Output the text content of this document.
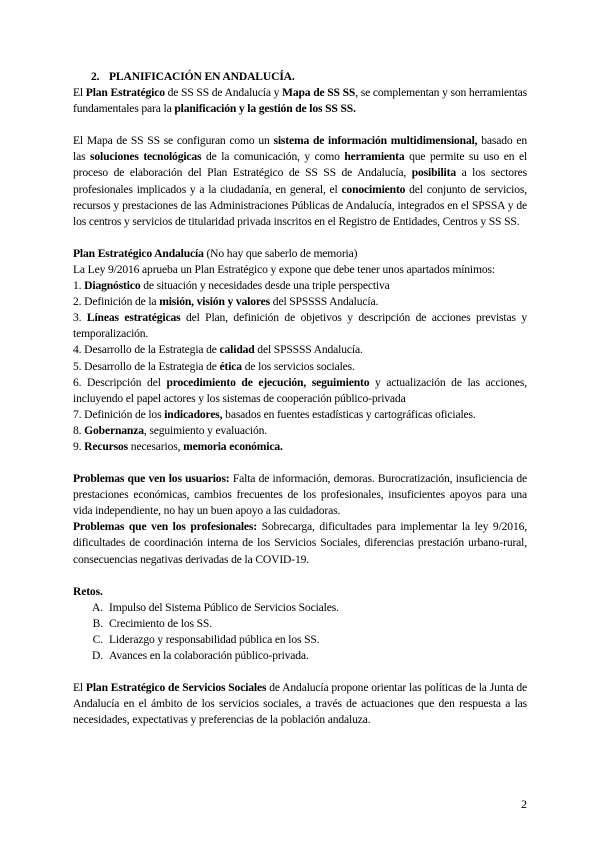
2. PLANIFICACIÓN EN ANDALUCÍA.

El Plan Estratégico de SS SS de Andalucía y Mapa de SS SS, se complementan y son herramientas fundamentales para la planificación y la gestión de los SS SS.

El Mapa de SS SS se configuran como un sistema de información multidimensional, basado en las soluciones tecnológicas de la comunicación, y como herramienta que permite su uso en el proceso de elaboración del Plan Estratégico de SS SS de Andalucía, posibilita a los sectores profesionales implicados y a la ciudadanía, en general, el conocimiento del conjunto de servicios, recursos y prestaciones de las Administraciones Públicas de Andalucía, integrados en el SPSSA y de los centros y servicios de titularidad privada inscritos en el Registro de Entidades, Centros y SS SS.

Plan Estratégico Andalucía (No hay que saberlo de memoria)

La Ley 9/2016 aprueba un Plan Estratégico y expone que debe tener unos apartados mínimos:

1. Diagnóstico de situación y necesidades desde una triple perspectiva

2. Definición de la misión, visión y valores del SPSSSS Andalucía.

3. Líneas estratégicas del Plan, definición de objetivos y descripción de acciones previstas y temporalización.

4. Desarrollo de la Estrategia de calidad del SPSSSS Andalucía.

5. Desarrollo de la Estrategia de ética de los servicios sociales.

6. Descripción del procedimiento de ejecución, seguimiento y actualización de las acciones, incluyendo el papel actores y los sistemas de cooperación público-privada

7. Definición de los indicadores, basados en fuentes estadísticas y cartográficas oficiales.

8. Gobernanza, seguimiento y evaluación.

9. Recursos necesarios, memoria económica.

Problemas que ven los usuarios: Falta de información, demoras. Burocratización, insuficiencia de prestaciones económicas, cambios frecuentes de los profesionales, insuficientes apoyos para una vida independiente, no hay un buen apoyo a las cuidadoras.

Problemas que ven los profesionales: Sobrecarga, dificultades para implementar la ley 9/2016, dificultades de coordinación interna de los Servicios Sociales, diferencias prestación urbano-rural, consecuencias negativas derivadas de la COVID-19.

Retos.

A. Impulso del Sistema Público de Servicios Sociales.
B. Crecimiento de los SS.
C. Liderazgo y responsabilidad pública en los SS.
D. Avances en la colaboración público-privada.

El Plan Estratégico de Servicios Sociales de Andalucía propone orientar las políticas de la Junta de Andalucía en el ámbito de los servicios sociales, a través de actuaciones que den respuesta a las necesidades, expectativas y preferencias de la población andaluza.

2
